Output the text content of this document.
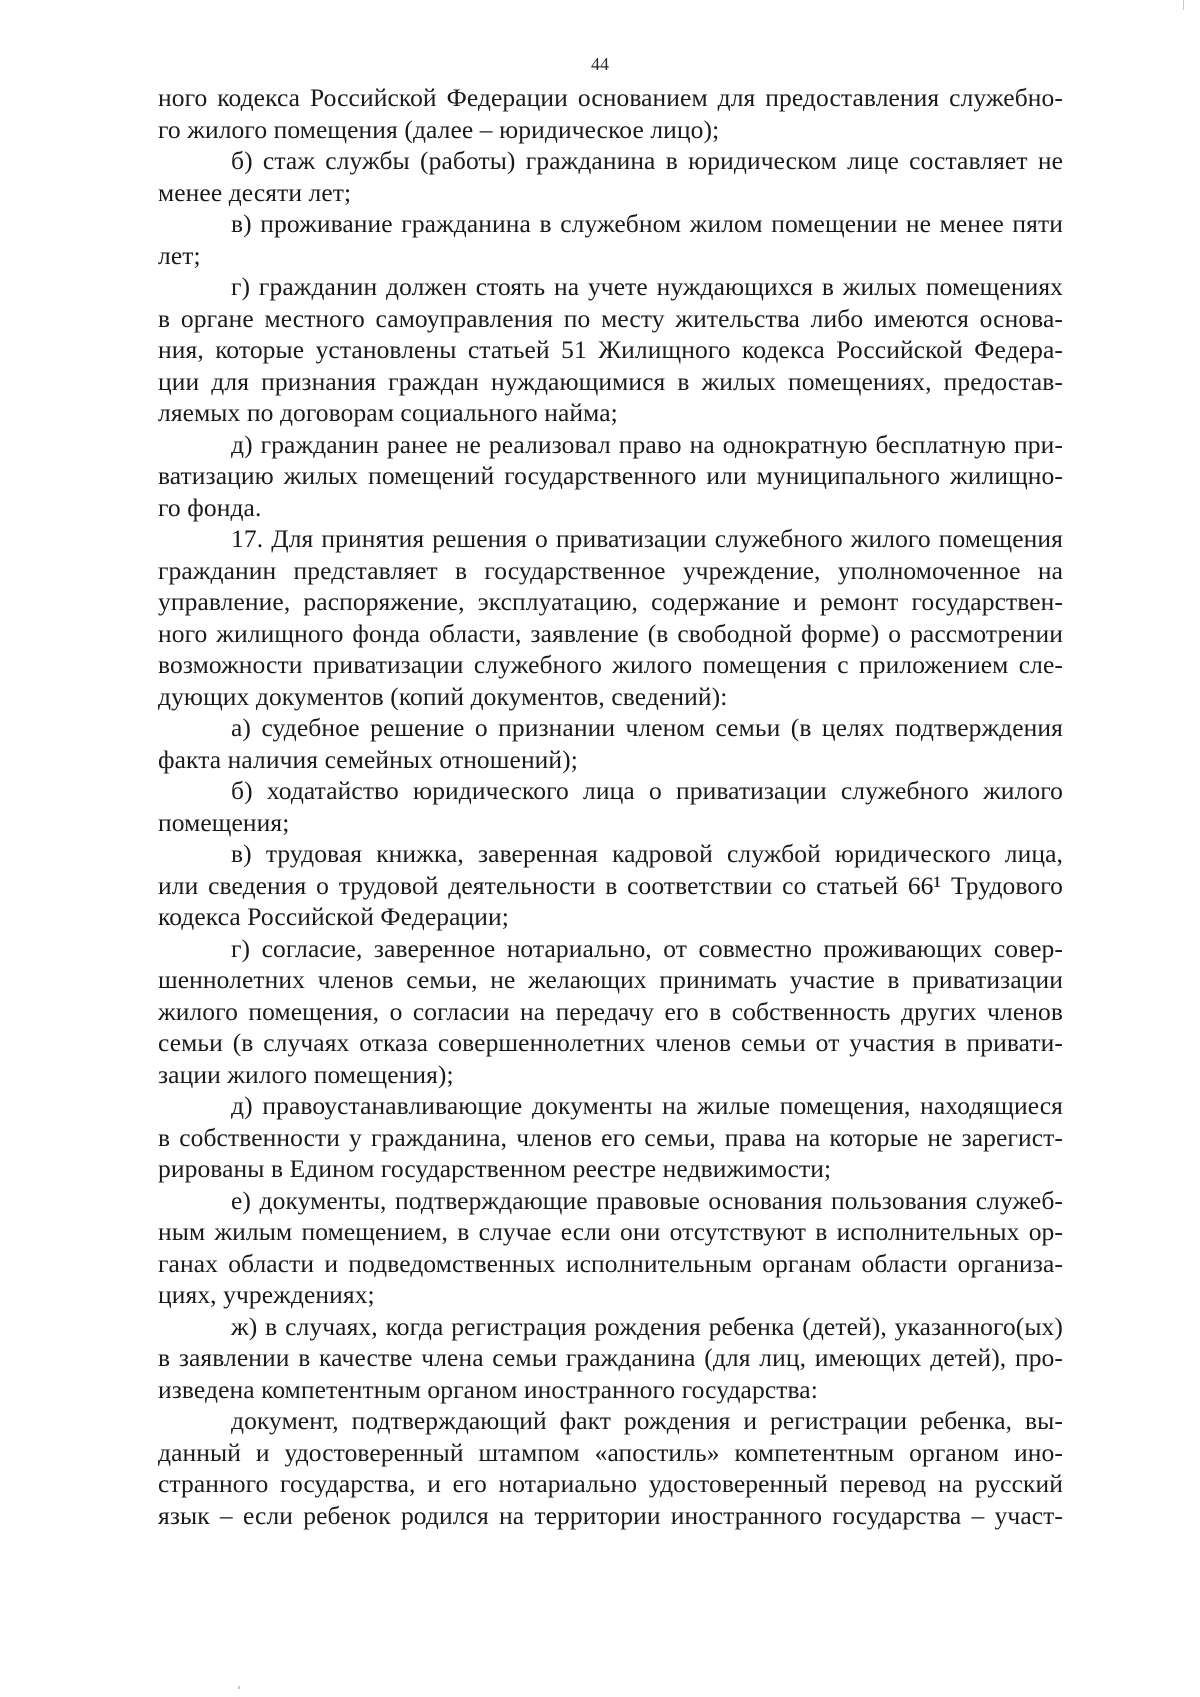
44
ного кодекса Российской Федерации основанием для предоставления служебно-
го жилого помещения (далее – юридическое лицо);
б) стаж службы (работы) гражданина в юридическом лице составляет не
менее десяти лет;
в) проживание гражданина в служебном жилом помещении не менее пяти
лет;
г) гражданин должен стоять на учете нуждающихся в жилых помещениях
в органе местного самоуправления по месту жительства либо имеются основа-
ния, которые установлены статьей 51 Жилищного кодекса Российской Федера-
ции для признания граждан нуждающимися в жилых помещениях, предостав-
ляемых по договорам социального найма;
д) гражданин ранее не реализовал право на однократную бесплатную при-
ватизацию жилых помещений государственного или муниципального жилищно-
го фонда.
17. Для принятия решения о приватизации служебного жилого помещения
гражданин представляет в государственное учреждение, уполномоченное на
управление, распоряжение, эксплуатацию, содержание и ремонт государствен-
ного жилищного фонда области, заявление (в свободной форме) о рассмотрении
возможности приватизации служебного жилого помещения с приложением сле-
дующих документов (копий документов, сведений):
а) судебное решение о признании членом семьи (в целях подтверждения
факта наличия семейных отношений);
б) ходатайство юридического лица о приватизации служебного жилого
помещения;
в) трудовая книжка, заверенная кадровой службой юридического лица,
или сведения о трудовой деятельности в соответствии со статьей 66¹ Трудового
кодекса Российской Федерации;
г) согласие, заверенное нотариально, от совместно проживающих совер-
шеннолетних членов семьи, не желающих принимать участие в приватизации
жилого помещения, о согласии на передачу его в собственность других членов
семьи (в случаях отказа совершеннолетних членов семьи от участия в привати-
зации жилого помещения);
д) правоустанавливающие документы на жилые помещения, находящиеся
в собственности у гражданина, членов его семьи, права на которые не зарегист-
рированы в Едином государственном реестре недвижимости;
е) документы, подтверждающие правовые основания пользования служеб-
ным жилым помещением, в случае если они отсутствуют в исполнительных ор-
ганах области и подведомственных исполнительным органам области организа-
циях, учреждениях;
ж) в случаях, когда регистрация рождения ребенка (детей), указанного(ых)
в заявлении в качестве члена семьи гражданина (для лиц, имеющих детей), про-
изведена компетентным органом иностранного государства:
документ, подтверждающий факт рождения и регистрации ребенка, вы-
данный и удостоверенный штампом «апостиль» компетентным органом ино-
странного государства, и его нотариально удостоверенный перевод на русский
язык – если ребенок родился на территории иностранного государства – участ-
